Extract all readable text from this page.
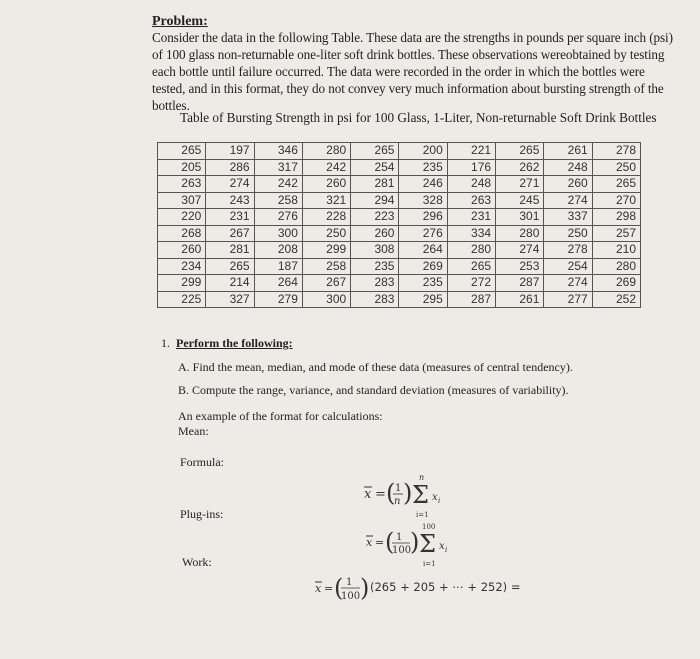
Problem:
Consider the data in the following Table. These data are the strengths in pounds per square inch (psi) of 100 glass non-returnable one-liter soft drink bottles. These observations wereobtained by testing each bottle until failure occurred. The data were recorded in the order in which the bottles were tested, and in this format, they do not convey very much information about bursting strength of the bottles.
Table of Bursting Strength in psi for 100 Glass, 1-Liter, Non-returnable Soft Drink Bottles
265	197	346	280	265	200	221	265	261	278
205	286	317	242	254	235	176	262	248	250
263	274	242	260	281	246	248	271	260	265
307	243	258	321	294	328	263	245	274	270
220	231	276	228	223	296	231	301	337	298
268	267	300	250	260	276	334	280	250	257
260	281	208	299	308	264	280	274	278	210
234	265	187	258	235	269	265	253	254	280
299	214	264	267	283	235	272	287	274	269
225	327	279	300	283	295	287	261	277	252
1. Perform the following:
A. Find the mean, median, and mode of these data (measures of central tendency).
B. Compute the range, variance, and standard deviation (measures of variability).
An example of the format for calculations:
Mean:
Formula:
Plug-ins:
Work:
x = ( 1
n ) Σ
n
i=1
x i
x = ( 1
100
) Σ
100
i=1
x i
x = ( 1
100 ) (265 + 205 + ⋯ + 252) =
